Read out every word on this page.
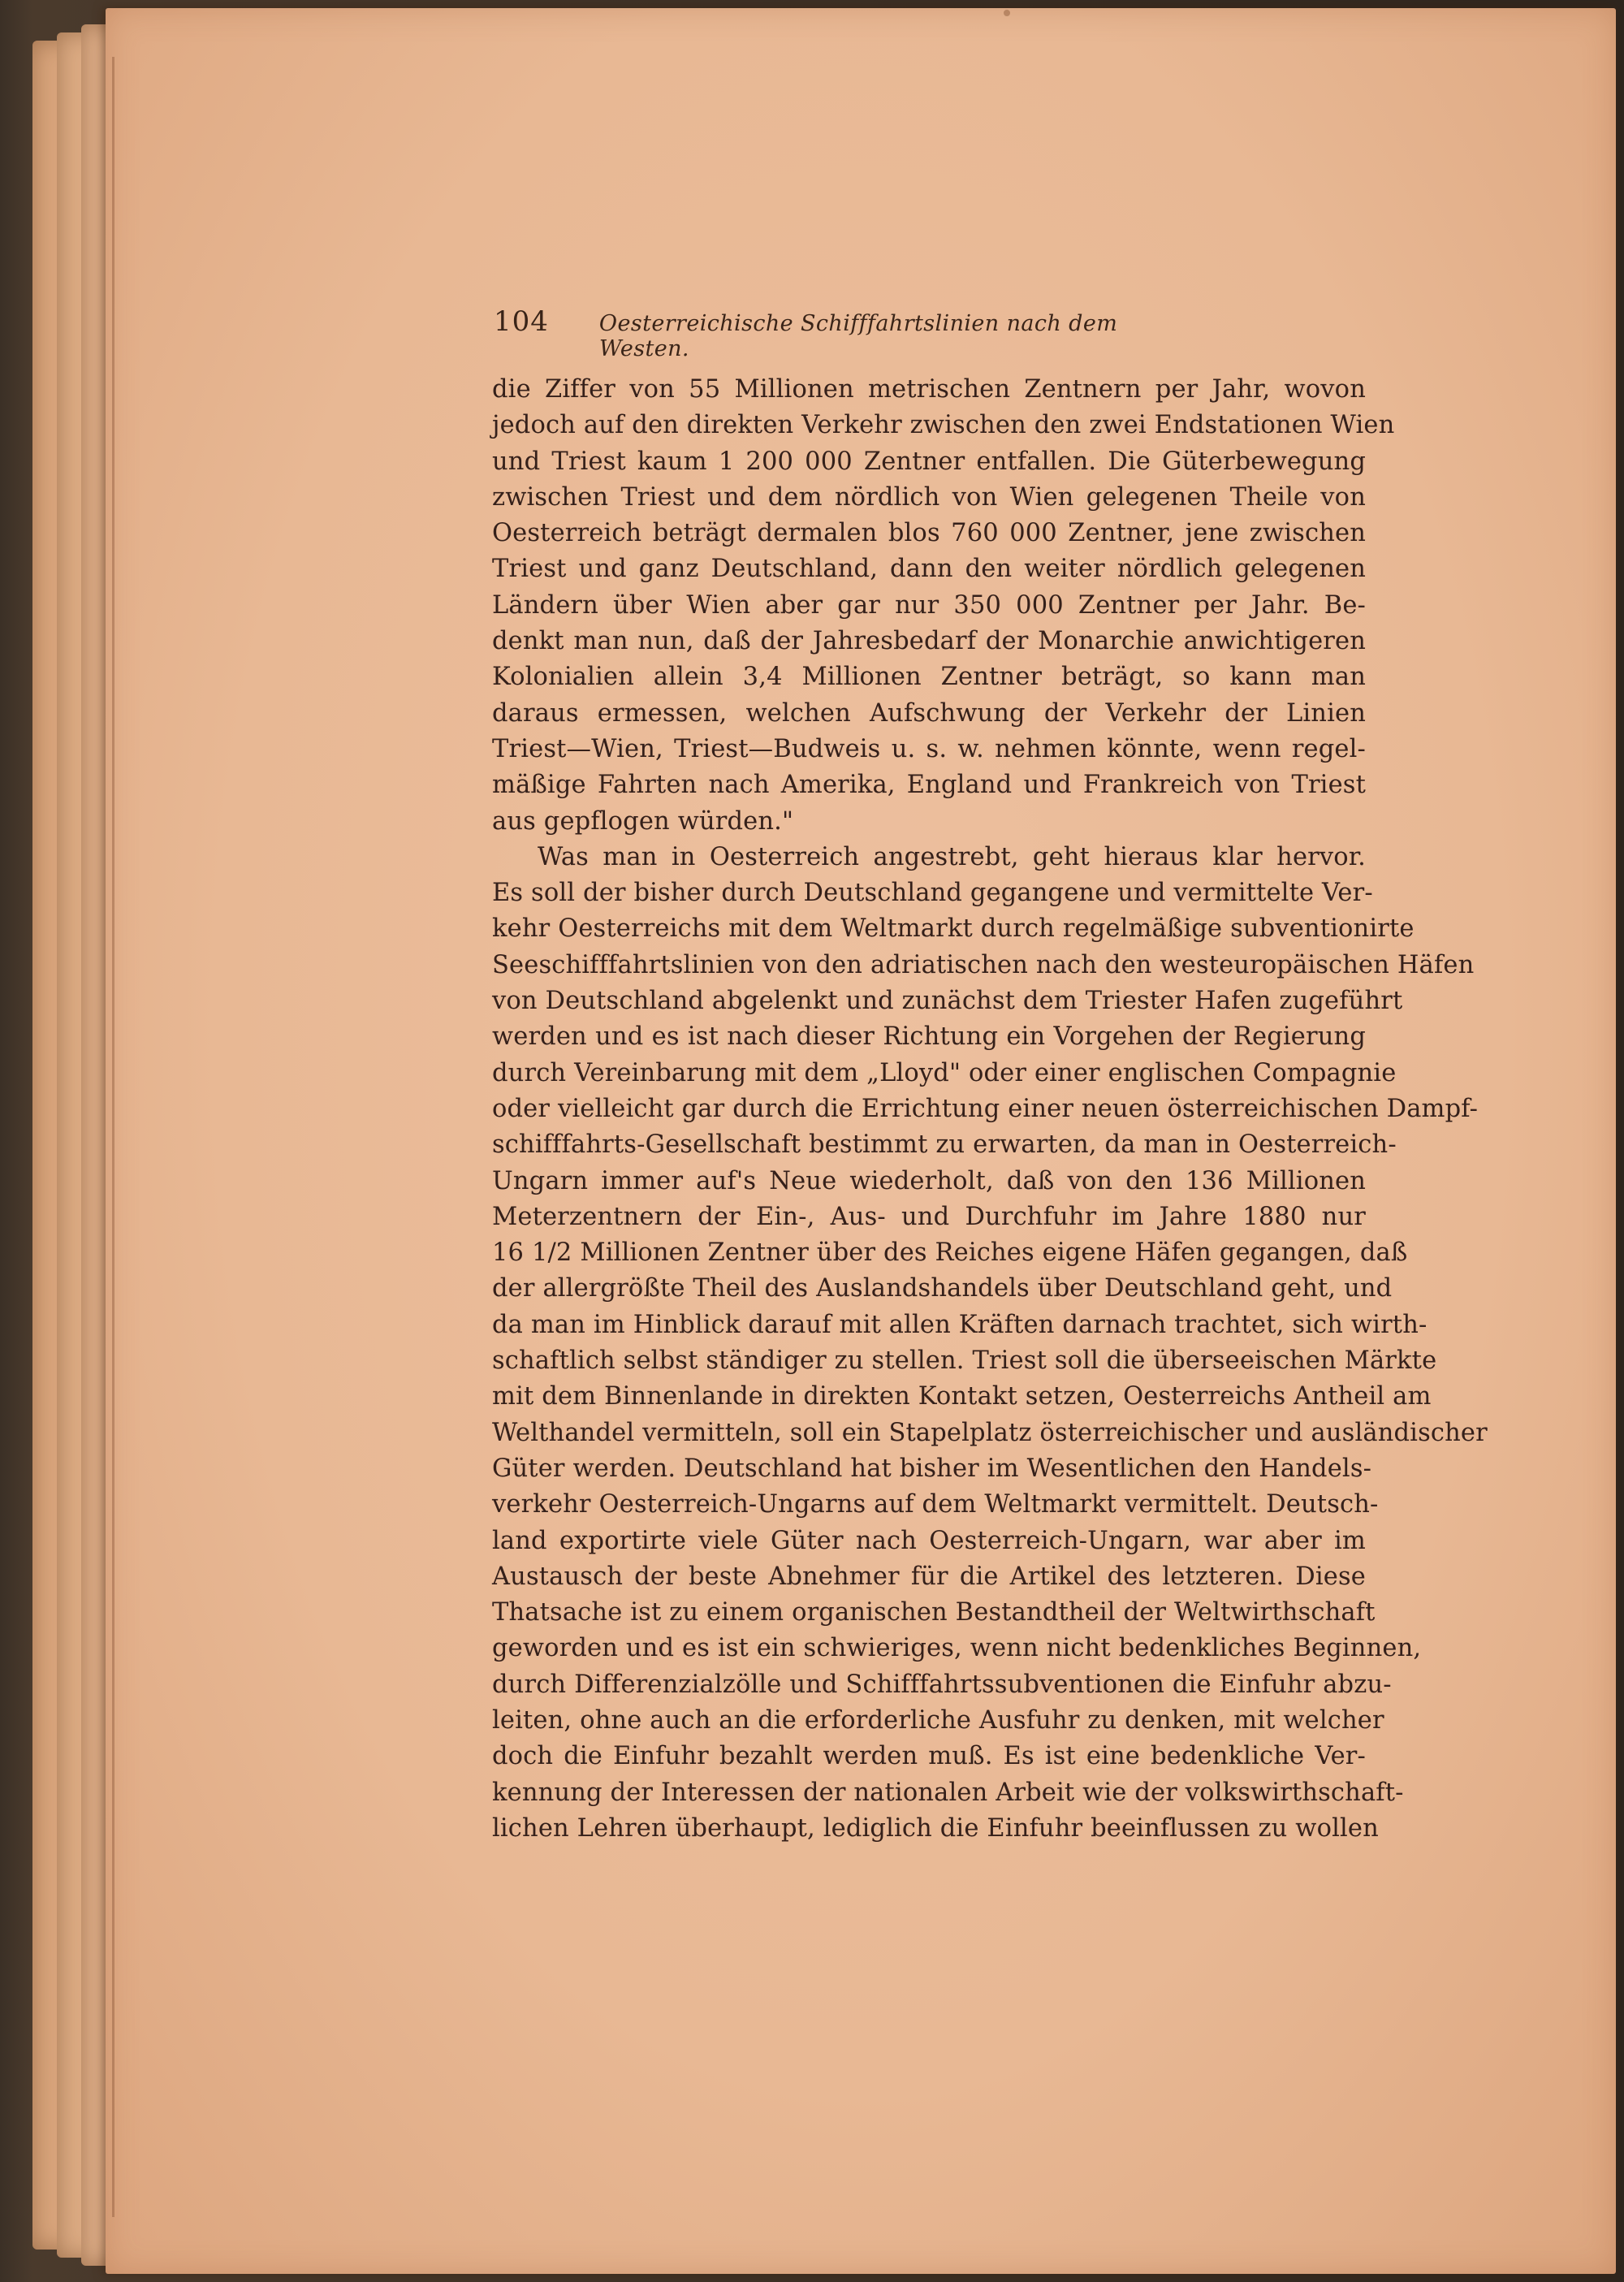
104 Oesterreichische Schifffahrtslinien nach dem Westen.
die Ziffer von 55 Millionen metrischen Zentnern per Jahr, wovon
jedoch auf den direkten Verkehr zwischen den zwei Endstationen Wien
und Triest kaum 1 200 000 Zentner entfallen. Die Güterbewegung
zwischen Triest und dem nördlich von Wien gelegenen Theile von
Oesterreich beträgt dermalen blos 760 000 Zentner, jene zwischen
Triest und ganz Deutschland, dann den weiter nördlich gelegenen
Ländern über Wien aber gar nur 350 000 Zentner per Jahr. Be-
denkt man nun, daß der Jahresbedarf der Monarchie anwichtigeren
Kolonialien allein 3,4 Millionen Zentner beträgt, so kann man
daraus ermessen, welchen Aufschwung der Verkehr der Linien
Triest—Wien, Triest—Budweis u. s. w. nehmen könnte, wenn regel-
mäßige Fahrten nach Amerika, England und Frankreich von Triest
aus gepflogen würden."
Was man in Oesterreich angestrebt, geht hieraus klar hervor.
Es soll der bisher durch Deutschland gegangene und vermittelte Ver-
kehr Oesterreichs mit dem Weltmarkt durch regelmäßige subventionirte
Seeschifffahrtslinien von den adriatischen nach den westeuropäischen Häfen
von Deutschland abgelenkt und zunächst dem Triester Hafen zugeführt
werden und es ist nach dieser Richtung ein Vorgehen der Regierung
durch Vereinbarung mit dem „Lloyd" oder einer englischen Compagnie
oder vielleicht gar durch die Errichtung einer neuen österreichischen Dampf-
schifffahrts-Gesellschaft bestimmt zu erwarten, da man in Oesterreich-
Ungarn immer auf's Neue wiederholt, daß von den 136 Millionen
Meterzentnern der Ein-, Aus- und Durchfuhr im Jahre 1880 nur
16 1/2 Millionen Zentner über des Reiches eigene Häfen gegangen, daß
der allergrößte Theil des Auslandshandels über Deutschland geht, und
da man im Hinblick darauf mit allen Kräften darnach trachtet, sich wirth-
schaftlich selbst ständiger zu stellen. Triest soll die überseeischen Märkte
mit dem Binnenlande in direkten Kontakt setzen, Oesterreichs Antheil am
Welthandel vermitteln, soll ein Stapelplatz österreichischer und ausländischer
Güter werden. Deutschland hat bisher im Wesentlichen den Handels-
verkehr Oesterreich-Ungarns auf dem Weltmarkt vermittelt. Deutsch-
land exportirte viele Güter nach Oesterreich-Ungarn, war aber im
Austausch der beste Abnehmer für die Artikel des letzteren. Diese
Thatsache ist zu einem organischen Bestandtheil der Weltwirthschaft
geworden und es ist ein schwieriges, wenn nicht bedenkliches Beginnen,
durch Differenzialzölle und Schifffahrtssubventionen die Einfuhr abzu-
leiten, ohne auch an die erforderliche Ausfuhr zu denken, mit welcher
doch die Einfuhr bezahlt werden muß. Es ist eine bedenkliche Ver-
kennung der Interessen der nationalen Arbeit wie der volkswirthschaft-
lichen Lehren überhaupt, lediglich die Einfuhr beeinflussen zu wollen
